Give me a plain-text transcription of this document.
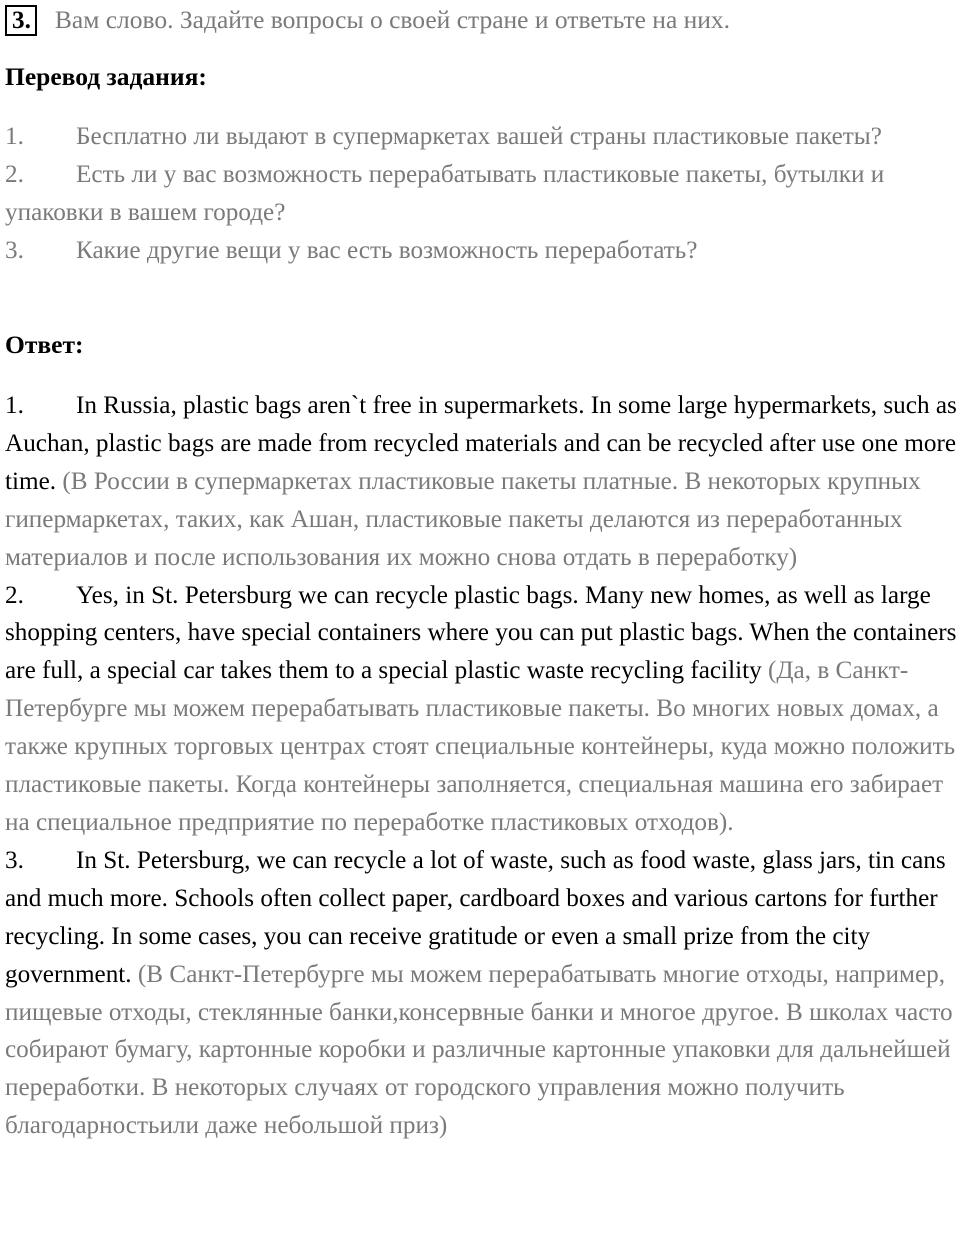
3. Вам слово. Задайте вопросы о своей стране и ответьте на них.
Перевод задания:

1. Бесплатно ли выдают в супермаркетах вашей страны пластиковые пакеты?

2. Есть ли у вас возможность перерабатывать пластиковые пакеты, бутылки и упаковки в вашем городе?

3. Какие другие вещи у вас есть возможность переработать?

Ответ:

1. In Russia, plastic bags aren`t free in supermarkets. In some large hypermarkets, such as Auchan, plastic bags are made from recycled materials and can be recycled after use one more time. (В России в супермаркетах пластиковые пакеты платные. В некоторых крупных гипермаркетах, таких, как Ашан, пластиковые пакеты делаются из переработанных материалов и после использования их можно снова отдать в переработку)

2. Yes, in St. Petersburg we can recycle plastic bags. Many new homes, as well as large shopping centers, have special containers where you can put plastic bags. When the containers are full, a special car takes them to a special plastic waste recycling facility (Да, в Санкт-Петербурге мы можем перерабатывать пластиковые пакеты. Во многих новых домах, а также крупных торговых центрах стоят специальные контейнеры, куда можно положить пластиковые пакеты. Когда контейнеры заполняется, специальная машина его забирает на специальное предприятие по переработке пластиковых отходов).

3. In St. Petersburg, we can recycle a lot of waste, such as food waste, glass jars, tin cans and much more. Schools often collect paper, cardboard boxes and various cartons for further recycling. In some cases, you can receive gratitude or even a small prize from the city government. (В Санкт-Петербурге мы можем перерабатывать многие отходы, например, пищевые отходы, стеклянные банки,консервные банки и многое другое. В школах часто собирают бумагу, картонные коробки и различные картонные упаковки для дальнейшей переработки. В некоторых случаях от городского управления можно получить благодарностьили даже небольшой приз)
